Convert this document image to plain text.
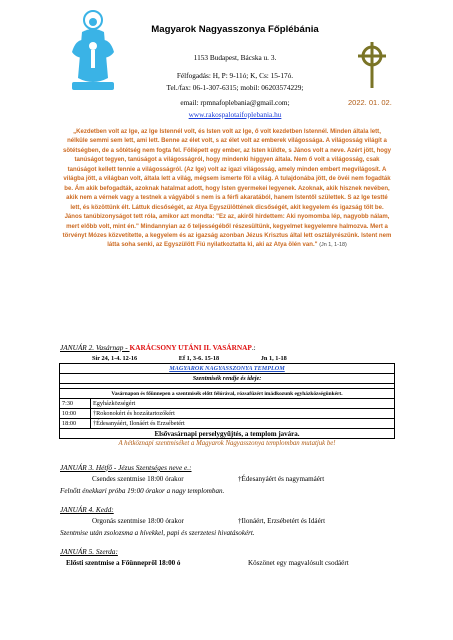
Magyarok Nagyasszonya Főplébánia
1153 Budapest, Bácska u. 3.
Félfogadás: H, P: 9-11ó; K, Cs: 15-17ó.
Tel./fax: 06-1-307-6315; mobil: 06203574229;
email: rpmnafoplebania@gmail.com;
www.rakospalotaifoplebania.hu
2022. 01. 02.
„Kezdetben volt az Ige, az Ige Istennél volt, és Isten volt az Ige, ő volt kezdetben Istennél. Minden általa lett, nélküle semmi sem lett, ami lett. Benne az élet volt, s az élet volt az emberek világossága. A világosság világít a sötétségben, de a sötétség nem fogta fel. Föllépett egy ember, az Isten küldte, s János volt a neve. Azért jött, hogy tanúságot tegyen, tanúságot a világosságról, hogy mindenki higgyen általa. Nem ő volt a világosság, csak tanúságot kellett tennie a világosságról. (Az Ige) volt az igazi világosság, amely minden embert megvilágosít. A világba jött, a világban volt, általa lett a világ, mégsem ismerte föl a világ. A tulajdonába jött, de övéi nem fogadták be. Ám akik befogadták, azoknak hatalmat adott, hogy Isten gyermekei legyenek. Azoknak, akik hisznek nevében, akik nem a vérnek vagy a testnek a vágyából s nem is a férfi akaratából, hanem Istentől születtek. S az Ige testté lett, és közöttünk élt. Láttuk dicsőségét, az Atya Egyszülöttének dicsőségét, akit kegyelem és igazság tölt be. János tanúbizonyságot tett róla, amikor azt mondta: "Ez az, akiről hirdettem: Aki nyomomba lép, nagyobb nálam, mert előbb volt, mint én." Mindannyian az ő teljességéből részesültünk, kegyelmet kegyelemre halmozva. Mert a törvényt Mózes közvetítette, a kegyelem és az igazság azonban Jézus Krisztus által lett osztályrészünk. Istent nem látta soha senki, az Egyszülött Fiú nyilatkoztatta ki, aki az Atya ölén van." (Jn 1, 1-18)
JANUÁR 2. Vasárnap - KARÁCSONY UTÁNI II. VASÁRNAP.:
Sir 24, 1-4. 12-16	Ef 1, 3-6. 15-18	Jn 1, 1-18
MAGYAROK NAGYASSZONYA TEMPLOM	
Szentmisék rendje és ideje:	

Vasárnapon és főünnepen a szentmisék előtt félórával, rózsafüzért imádkozunk egyházközségünkért.	
7:30	Egyházközségért
10:00	†Rokonokért és hozzátartozókért
18:00	†Édesanyáért, Ilonáért és Erzsébetért
Elsővasárnapi perselygyűjtés, a templom javára.	
A hétköznapi szentmiséket a Magyarok Nagyasszonya templomban mutatjuk be!
JANUÁR 3. Hétfő - Jézus Szentséges neve e.:
Csendes szentmise 18:00 órakor	†Édesanyáért és nagymamáért
Felnőtt énekkari próba 19:00 órakor a nagy templomban.
JANUÁR 4. Kedd:
Orgonás szentmise 18:00 órakor	†Ilonáért, Erzsébetért és Idáért
Szentmise után zsolozsma a hívekkel, papi és szerzetesi hivatásokért.
JANUÁR 5. Szerda:
Elősti szentmise a Főünnepről 18:00 ó	Köszönet egy magvalósult csodáért
